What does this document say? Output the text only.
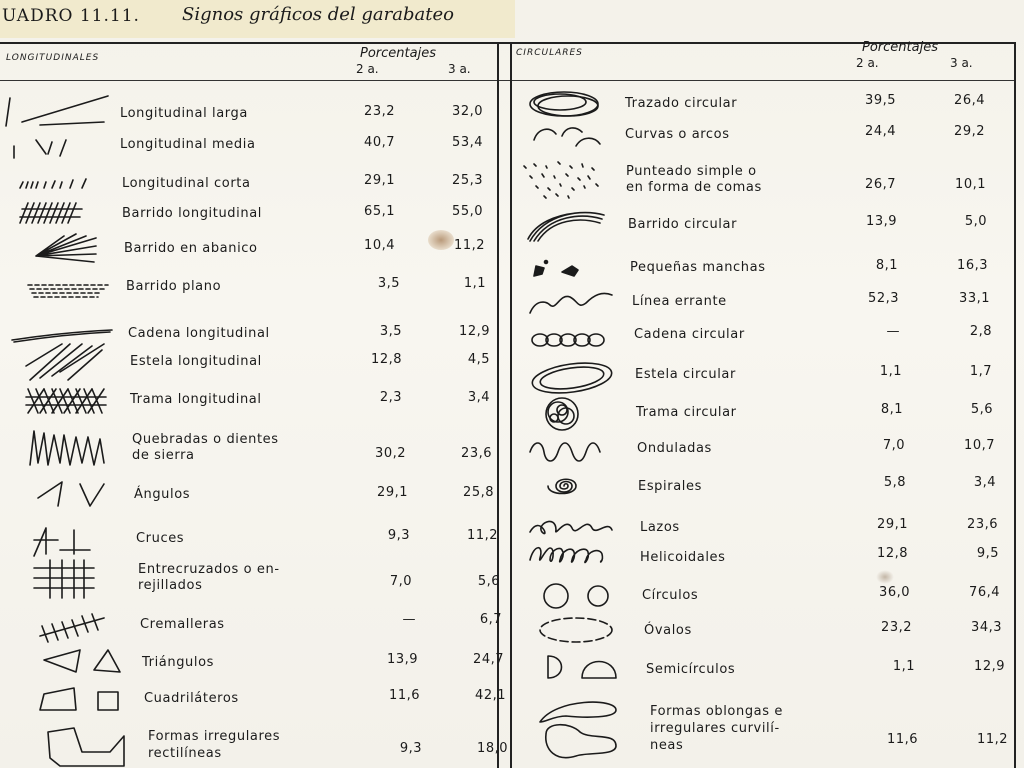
UADRO 11.11. Signos gráficos del garabateo
LONGITUDINALES	Porcentajes
2 a.	3 a.
CIRCULARES	Porcentajes
2 a.	3 a.
Longitudinal larga	23,2	32,0
Longitudinal media	40,7	53,4
Longitudinal corta	29,1	25,3
Barrido longitudinal	65,1	55,0
Barrido en abanico	10,4	11,2
Barrido plano	3,5	1,1
Cadena longitudinal	3,5	12,9
Estela longitudinal	12,8	4,5
Trama longitudinal	2,3	3,4
Quebradas o dientes
de sierra	30,2	23,6
Ángulos	29,1	25,8
Cruces	9,3	11,2
Entrecruzados o en-
rejillados	7,0	5,6
Cremalleras	—	6,7
Triángulos	13,9	24,7
Cuadriláteros	11,6	42,1
Formas irregulares
rectilíneas	9,3	18,0
Trazado circular	39,5	26,4
Curvas o arcos	24,4	29,2
Punteado simple o
en forma de comas	26,7	10,1
Barrido circular	13,9	5,0
Pequeñas manchas	8,1	16,3
Línea errante	52,3	33,1
Cadena circular	—	2,8
Estela circular	1,1	1,7
Trama circular	8,1	5,6
Onduladas	7,0	10,7
Espirales	5,8	3,4
Lazos	29,1	23,6
Helicoidales	12,8	9,5
Círculos	36,0	76,4
Óvalos	23,2	34,3
Semicírculos	1,1	12,9
Formas oblongas e
irregulares curvilí-
neas	11,6	11,2
